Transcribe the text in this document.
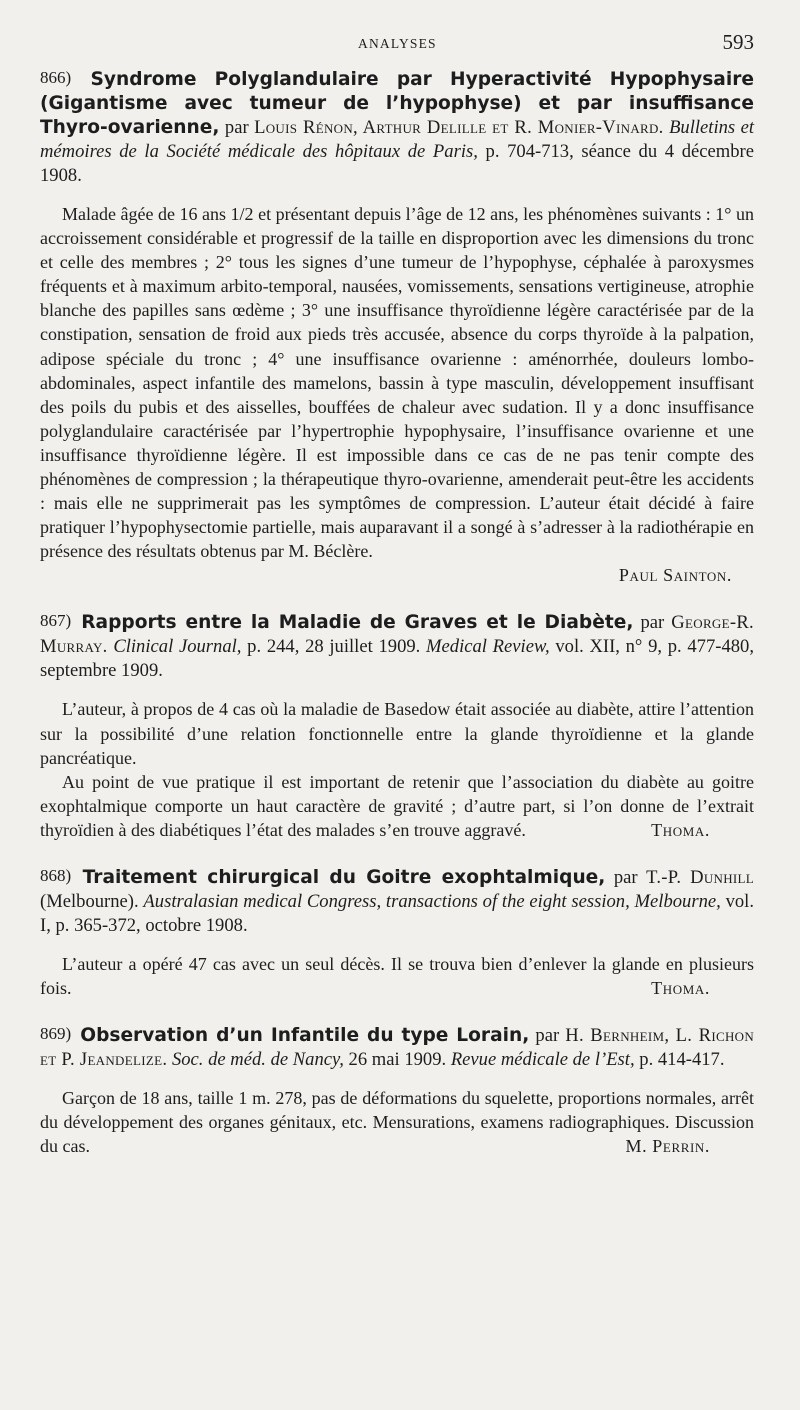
ANALYSES	593

866) Syndrome Polyglandulaire par Hyperactivité Hypophysaire (Gigantisme avec tumeur de l’hypophyse) et par insuffisance Thyro-ovarienne, par Louis Rénon, Arthur Delille et R. Monier-Vinard. Bulletins et mémoires de la Société médicale des hôpitaux de Paris, p. 704-713, séance du 4 décembre 1908.

Malade âgée de 16 ans 1/2 et présentant depuis l’âge de 12 ans, les phénomènes suivants : 1° un accroissement considérable et progressif de la taille en disproportion avec les dimensions du tronc et celle des membres ; 2° tous les signes d’une tumeur de l’hypophyse, céphalée à paroxysmes fréquents et à maximum arbito-temporal, nausées, vomissements, sensations vertigineuse, atrophie blanche des papilles sans œdème ; 3° une insuffisance thyroïdienne légère caractérisée par de la constipation, sensation de froid aux pieds très accusée, absence du corps thyroïde à la palpation, adipose spéciale du tronc ; 4° une insuffisance ovarienne : aménorrhée, douleurs lombo-abdominales, aspect infantile des mamelons, bassin à type masculin, développement insuffisant des poils du pubis et des aisselles, bouffées de chaleur avec sudation. Il y a donc insuffisance polyglandulaire caractérisée par l’hypertrophie hypophysaire, l’insuffisance ovarienne et une insuffisance thyroïdienne légère. Il est impossible dans ce cas de ne pas tenir compte des phénomènes de compression ; la thérapeutique thyro-ovarienne, amenderait peut-être les accidents : mais elle ne supprimerait pas les symptômes de compression. L’auteur était décidé à faire pratiquer l’hypophysectomie partielle, mais auparavant il a songé à s’adresser à la radiothérapie en présence des résultats obtenus par M. Béclère.

Paul Sainton.

867) Rapports entre la Maladie de Graves et le Diabète, par George-R. Murray. Clinical Journal, p. 244, 28 juillet 1909. Medical Review, vol. XII, n° 9, p. 477-480, septembre 1909.

L’auteur, à propos de 4 cas où la maladie de Basedow était associée au diabète, attire l’attention sur la possibilité d’une relation fonctionnelle entre la glande thyroïdienne et la glande pancréatique.

Au point de vue pratique il est important de retenir que l’association du diabète au goitre exophtalmique comporte un haut caractère de gravité ; d’autre part, si l’on donne de l’extrait thyroïdien à des diabétiques l’état des malades s’en trouve aggravé.	Thoma.

868) Traitement chirurgical du Goitre exophtalmique, par T.-P. Dunhill (Melbourne). Australasian medical Congress, transactions of the eight session, Melbourne, vol. I, p. 365-372, octobre 1908.

L’auteur a opéré 47 cas avec un seul décès. Il se trouva bien d’enlever la glande en plusieurs fois.	Thoma.

869) Observation d’un Infantile du type Lorain, par H. Bernheim, L. Richon et P. Jeandelize. Soc. de méd. de Nancy, 26 mai 1909. Revue médicale de l’Est, p. 414-417.

Garçon de 18 ans, taille 1 m. 278, pas de déformations du squelette, proportions normales, arrêt du développement des organes génitaux, etc. Mensurations, examens radiographiques. Discussion du cas.	M. Perrin.
